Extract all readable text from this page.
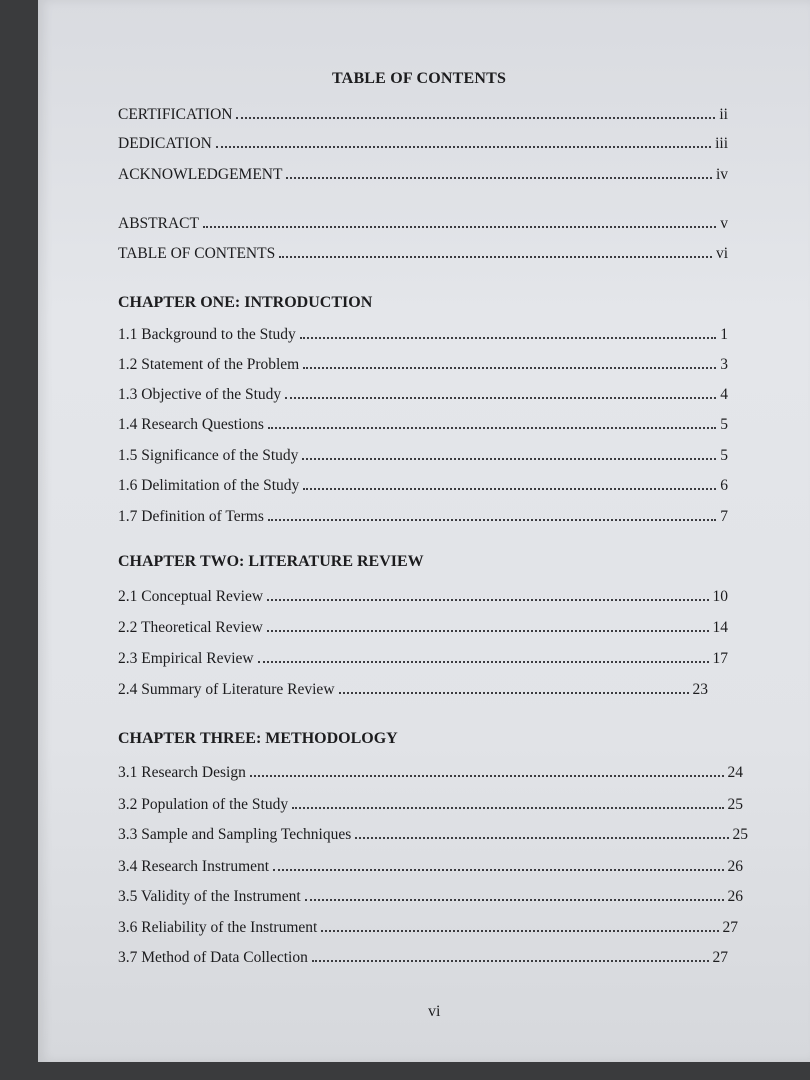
TABLE OF CONTENTS
CERTIFICATION	ii
DEDICATION	iii
ACKNOWLEDGEMENT	iv
ABSTRACT	v
TABLE OF CONTENTS	vi
CHAPTER ONE: INTRODUCTION
1.1 Background to the Study	1
1.2 Statement of the Problem	3
1.3 Objective of the Study	4
1.4 Research Questions	5
1.5 Significance of the Study	5
1.6 Delimitation of the Study	6
1.7 Definition of Terms	7
CHAPTER TWO: LITERATURE REVIEW
2.1 Conceptual Review	10
2.2 Theoretical Review	14
2.3 Empirical Review	17
2.4 Summary of Literature Review	23
CHAPTER THREE: METHODOLOGY
3.1 Research Design	24
3.2 Population of the Study	25
3.3 Sample and Sampling Techniques	25
3.4 Research Instrument	26
3.5 Validity of the Instrument	26
3.6 Reliability of the Instrument	27
3.7 Method of Data Collection	27
vi
